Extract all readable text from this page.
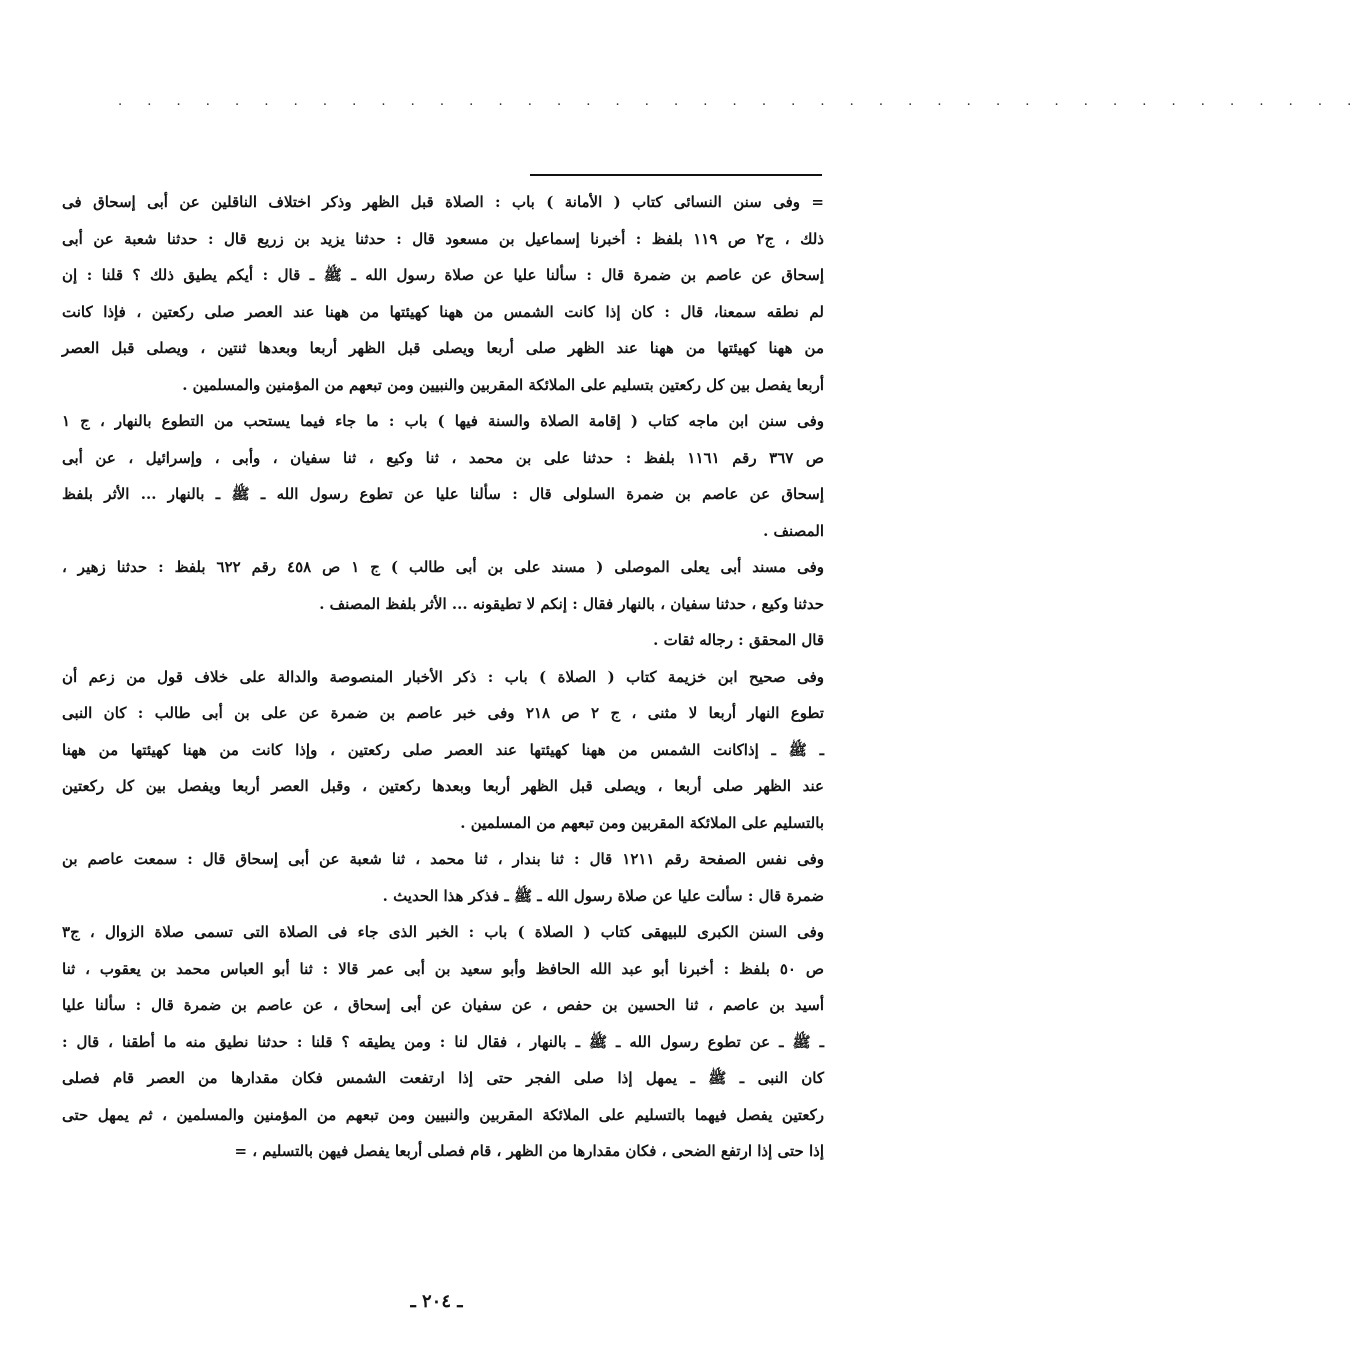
. . . . . . . . . . . . . . . . . . . . . . . . . . . . . . . . . . . . . . . . . . .
= وفى سنن النسائى كتاب ( الأمانة ) باب : الصلاة قبل الظهر وذكر اختلاف الناقلين عن أبى إسحاق فى
ذلك ، ج٢ ص ١١٩ بلفظ : أخبرنا إسماعيل بن مسعود قال : حدثنا يزيد بن زريع قال : حدثنا شعبة عن أبى
إسحاق عن عاصم بن ضمرة قال : سألنا عليا عن صلاة رسول الله ـ ﷺ ـ قال : أيكم يطيق ذلك ؟ قلنا : إن
لم نطقه سمعنا، قال : كان إذا كانت الشمس من ههنا كهيئتها من ههنا عند العصر صلى ركعتين ، فإذا كانت
من ههنا كهيئتها من ههنا عند الظهر صلى أربعا ويصلى قبل الظهر أربعا وبعدها ثنتين ، ويصلى قبل العصر
أربعا يفصل بين كل ركعتين بتسليم على الملائكة المقربين والنبيين ومن تبعهم من المؤمنين والمسلمين .
وفى سنن ابن ماجه كتاب ( إقامة الصلاة والسنة فيها ) باب : ما جاء فيما يستحب من التطوع بالنهار ، ج ١
ص ٣٦٧ رقم ١١٦١ بلفظ : حدثنا على بن محمد ، ثنا وكيع ، ثنا سفيان ، وأبى ، وإسرائيل ، عن أبى
إسحاق عن عاصم بن ضمرة السلولى قال : سألنا عليا عن تطوع رسول الله ـ ﷺ ـ بالنهار ... الأثر بلفظ
المصنف .
وفى مسند أبى يعلى الموصلى ( مسند على بن أبى طالب ) ج ١ ص ٤٥٨ رقم ٦٢٢ بلفظ : حدثنا زهير ،
حدثنا وكيع ، حدثنا سفيان ، بالنهار فقال : إنكم لا تطيقونه ... الأثر بلفظ المصنف .
قال المحقق : رجاله ثقات .
وفى صحيح ابن خزيمة كتاب ( الصلاة ) باب : ذكر الأخبار المنصوصة والدالة على خلاف قول من زعم أن
تطوع النهار أربعا لا مثنى ، ج ٢ ص ٢١٨ وفى خبر عاصم بن ضمرة عن على بن أبى طالب : كان النبى
ـ ﷺ ـ إذاكانت الشمس من ههنا كهيئتها عند العصر صلى ركعتين ، وإذا كانت من ههنا كهيئتها من ههنا
عند الظهر صلى أربعا ، ويصلى قبل الظهر أربعا وبعدها ركعتين ، وقبل العصر أربعا ويفصل بين كل ركعتين
بالتسليم على الملائكة المقربين ومن تبعهم من المسلمين .
وفى نفس الصفحة رقم ١٢١١ قال : ثنا بندار ، ثنا محمد ، ثنا شعبة عن أبى إسحاق قال : سمعت عاصم بن
ضمرة قال : سألت عليا عن صلاة رسول الله ـ ﷺ ـ فذكر هذا الحديث .
وفى السنن الكبرى للبيهقى كتاب ( الصلاة ) باب : الخبر الذى جاء فى الصلاة التى تسمى صلاة الزوال ، ج٣
ص ٥٠ بلفظ : أخبرنا أبو عبد الله الحافظ وأبو سعيد بن أبى عمر قالا : ثنا أبو العباس محمد بن يعقوب ، ثنا
أسيد بن عاصم ، ثنا الحسين بن حفص ، عن سفيان عن أبى إسحاق ، عن عاصم بن ضمرة قال : سألنا عليا
ـ ﷺ ـ عن تطوع رسول الله ـ ﷺ ـ بالنهار ، فقال لنا : ومن يطيقه ؟ قلنا : حدثنا نطيق منه ما أطقنا ، قال :
كان النبى ـ ﷺ ـ يمهل إذا صلى الفجر حتى إذا ارتفعت الشمس فكان مقدارها من العصر قام فصلى
ركعتين يفصل فيهما بالتسليم على الملائكة المقربين والنبيين ومن تبعهم من المؤمنين والمسلمين ، ثم يمهل حتى
إذا حتى إذا ارتفع الضحى ، فكان مقدارها من الظهر ، قام فصلى أربعا يفصل فيهن بالتسليم ، =
ـ ٢٠٤ ـ
